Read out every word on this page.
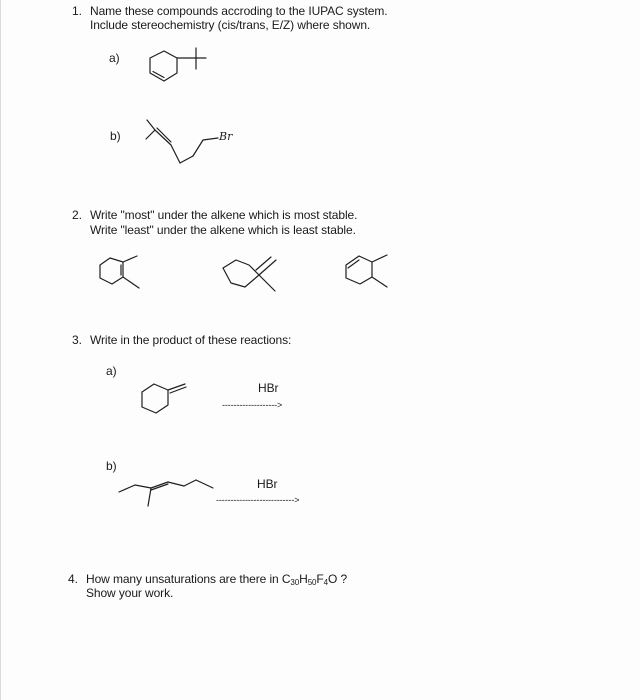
1. Name these compounds accroding to the IUPAC system.
Include stereochemistry (cis/trans, E/Z) where shown.
a)
b)	Br
2. Write "most" under the alkene which is most stable.
Write "least" under the alkene which is least stable.
3. Write in the product of these reactions:
a)
HBr
------------------->
b)
HBr
--------------------------->
4. How many unsaturations are there in $C_{30}H_{50}F_4O$ ?
Show your work.
